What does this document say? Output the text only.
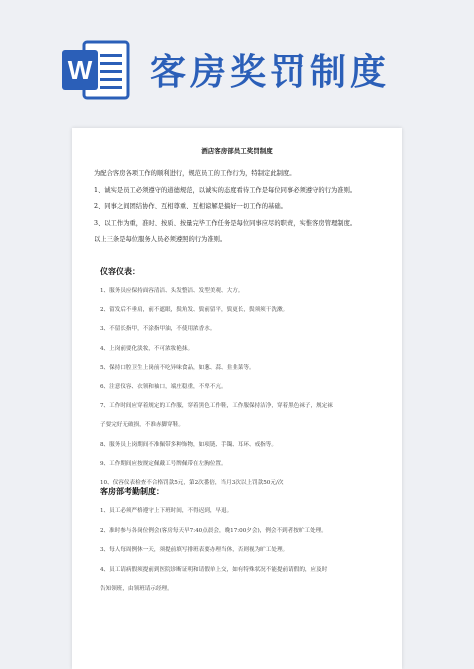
W 客房奖罚制度
酒店客房部员工奖罚制度

为配合客房各项工作的顺利进行，规范员工的工作行为，特制定此制度。

1、诚实是员工必须遵守的道德规范，以诚实的态度看待工作是每位同事必须遵守的行为准则。

2、同事之间团结协作、互相尊重、互相谅解是搞好一切工作的基础。

3、以工作为重，准时、按质、按量完毕工作任务是每位同事应尽的职责，实惟客房管理制度。

以上三条是每位服务人员必须遵照的行为准则。

仪容仪表：

1、服务员应保持面容清洁、头发整洁、发型美观、大方。

2、留发后不垂肩，前不遮眼，鬓角发、鬓前留平，鬓更长，鬓须须干洗漱。

3、不留长指甲，不涂指甲油，不使用浓香水。

4、上岗前要化淡妆，不可浓妆艳抹。

5、保持口腔卫生上岗前不吃异味食品，如葱、蒜、韭韭菜等。

6、注意仪容、衣领和袖口，端庄稳重，不卑不亢。

7、工作时间应穿着规定的工作服，穿着黑色工作鞋，工作服保持洁净，穿着黑色袜子，规定袜

子要完好无破损，不准赤脚穿鞋。

8、服务员上岗期间不准佩带多种饰物，如项链、手镯、耳环、戒指等。

9、工作期间应按规定佩戴工号牌佩带在左胸位置。

10、仪容仪表检查不合格罚款5元，第2次番倍，当月3次以上罚款50元/次

客房部考勤制度：

1、员工必须严格遵守上下班时间，不得迟到，早退。

2、准时参与各岗位例会(客房每天早7:40点晨会，晚17:00夕会)，例会不到者按旷工处理。

3、每人每周例休一天，须提前填写排班表要办理当休，否则视为旷工处理。

4、员工请病假须提前到医院诊断证明和请假单上交，如有特殊状况不能提前请假的，应及时

告知领班，由领班请示经理。
